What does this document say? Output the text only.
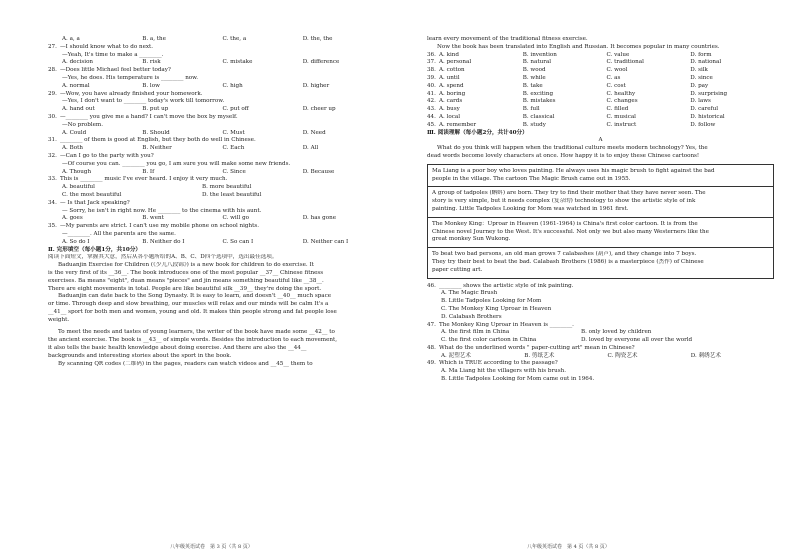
A. a, a	B. a, the	C. the, a	D. the, the
27. —I should know what to do next.
—Yeah, It's time to make a ________.
A. decision	B. risk	C. mistake	D. difference
28. —Does little Michael feel better today?
—Yes, he does. His temperature is ________ now.
A. normal	B. low	C. high	D. higher
29. —Wow, you have already finished your homework.
—Yes, I don't want to ________ today's work till tomorrow.
A. hand out	B. put up	C. put off	D. cheer up
30. —________ you give me a hand? I can't move the box by myself.
—No problem.
A. Could	B. Should	C. Must	D. Need
31. ________ of them is good at English, but they both do well in Chinese.
A. Both	B. Neither	C. Each	D. All
32. —Can I go to the party with you?
—Of course you can. ________ you go, I am sure you will make some new friends.
A. Though	B. If	C. Since	D. Because
33. This is ________ music I've ever heard. I enjoy it very much.
A. beautiful	B. more beautiful
C. the most beautiful	D. the least beautiful
34. — Is that Jack speaking?
— Sorry, he isn't in right now. He ________ to the cinema with his aunt.
A. goes	B. went	C. will go	D. has gone
35. —My parents are strict. I can't use my mobile phone on school nights.
—________. All the parents are the same.
A. So do I	B. Neither do I	C. So can I	D. Neither can I
Ⅱ. 完形填空（每小题1分，共10分）
阅读下面短文，掌握其大意，然后从各小题所给的A、B、C、D四个选项中，选出最佳选项。
Baduanjin Exercise for Children (《少儿八段锦》) is a new book for children to do exercise. It
is the very first of its __36__. The book introduces one of the most popular __37__ Chinese fitness
exercises. Ba means "eight", duan means "pieces" and jin means something beautiful like __38__.
There are eight movements in total. People are like beautiful silk __39__ they're doing the sport.
Baduanjin can date back to the Song Dynasty. It is easy to learn, and doesn't __40__ much space
or time. Through deep and slow breathing, our muscles will relax and our minds will be calm It's a
__41__ sport for both men and women, young and old. It makes thin people strong and fat people lose
weight.
To meet the needs and tastes of young learners, the writer of the book have made some __42__ to
the ancient exercise. The book is __43__ of simple words. Besides the introduction to each movement,
it also tells the basic health knowledge about doing exercise. And there are also the __44__
backgrounds and interesting stories about the sport in the book.
By scanning QR codes (二维码) in the pages, readers can watch videos and __45__ them to
八年级英语试卷　第 3 页（共 8 页）
learn every movement of the traditional fitness exercise.
Now the book has been translated into English and Russian. It becomes popular in many countries.
36. A. kind	B. invention	C. value	D. form
37. A. personal	B. natural	C. traditional	D. national
38. A. cotton	B. wood	C. wool	D. silk
39. A. until	B. while	C. as	D. since
40. A. spend	B. take	C. cost	D. pay
41. A. boring	B. exciting	C. healthy	D. surprising
42. A. cards	B. mistakes	C. changes	D. laws
43. A. busy	B. full	C. filled	D. careful
44. A. local	B. classical	C. musical	D. historical
45. A. remember	B. study	C. instruct	D. follow
Ⅲ. 阅读理解（每小题2分，共计40分）
A
What do you think will happen when the traditional culture meets modern technology? Yes, the
dead words become lovely characters at once. How happy it is to enjoy these Chinese cartoons!
Ma Liang is a poor boy who loves painting. He always uses his magic brush to fight against the bad
people in the village. The cartoon The Magic Brush came out in 1955.
A group of tadpoles (蝌蚪) are born. They try to find their mother that they have never seen. The
story is very simple, but it needs complex (复杂的) technology to show the artistic style of ink
painting. Little Tadpoles Looking for Mom was watched in 1961 first.
The Monkey King：Uproar in Heaven (1961-1964) is China's first color cartoon. It is from the
Chinese novel Journey to the West. It's successful. Not only we but also many Westerners like the
great monkey Sun Wukong.
To beat two bad persons, an old man grows 7 calabashes (葫芦), and they change into 7 boys.
They try their best to beat the bad. Calabash Brothers (1986) is a masterpiece (杰作) of Chinese
paper cutting art.
46. ________ shows the artistic style of ink painting.
A. The Magic Brush
B. Little Tadpoles Looking for Mom
C. The Monkey King Uproar in Heaven
D. Calabash Brothers
47. The Monkey King Uproar in Heaven is ________.
A. the first film in China	B. only loved by children
C. the first color cartoon in China	D. loved by everyone all over the world
48. What do the underlined words " paper-cutting art" mean in Chinese?
A. 泥塑艺术	B. 剪纸艺术	C. 陶瓷艺术	D. 刺绣艺术
49. Which is TRUE according to the passage?
A. Ma Liang hit the villagers with his brush.
B. Little Tadpoles Looking for Mom came out in 1964.
八年级英语试卷　第 4 页（共 8 页）
